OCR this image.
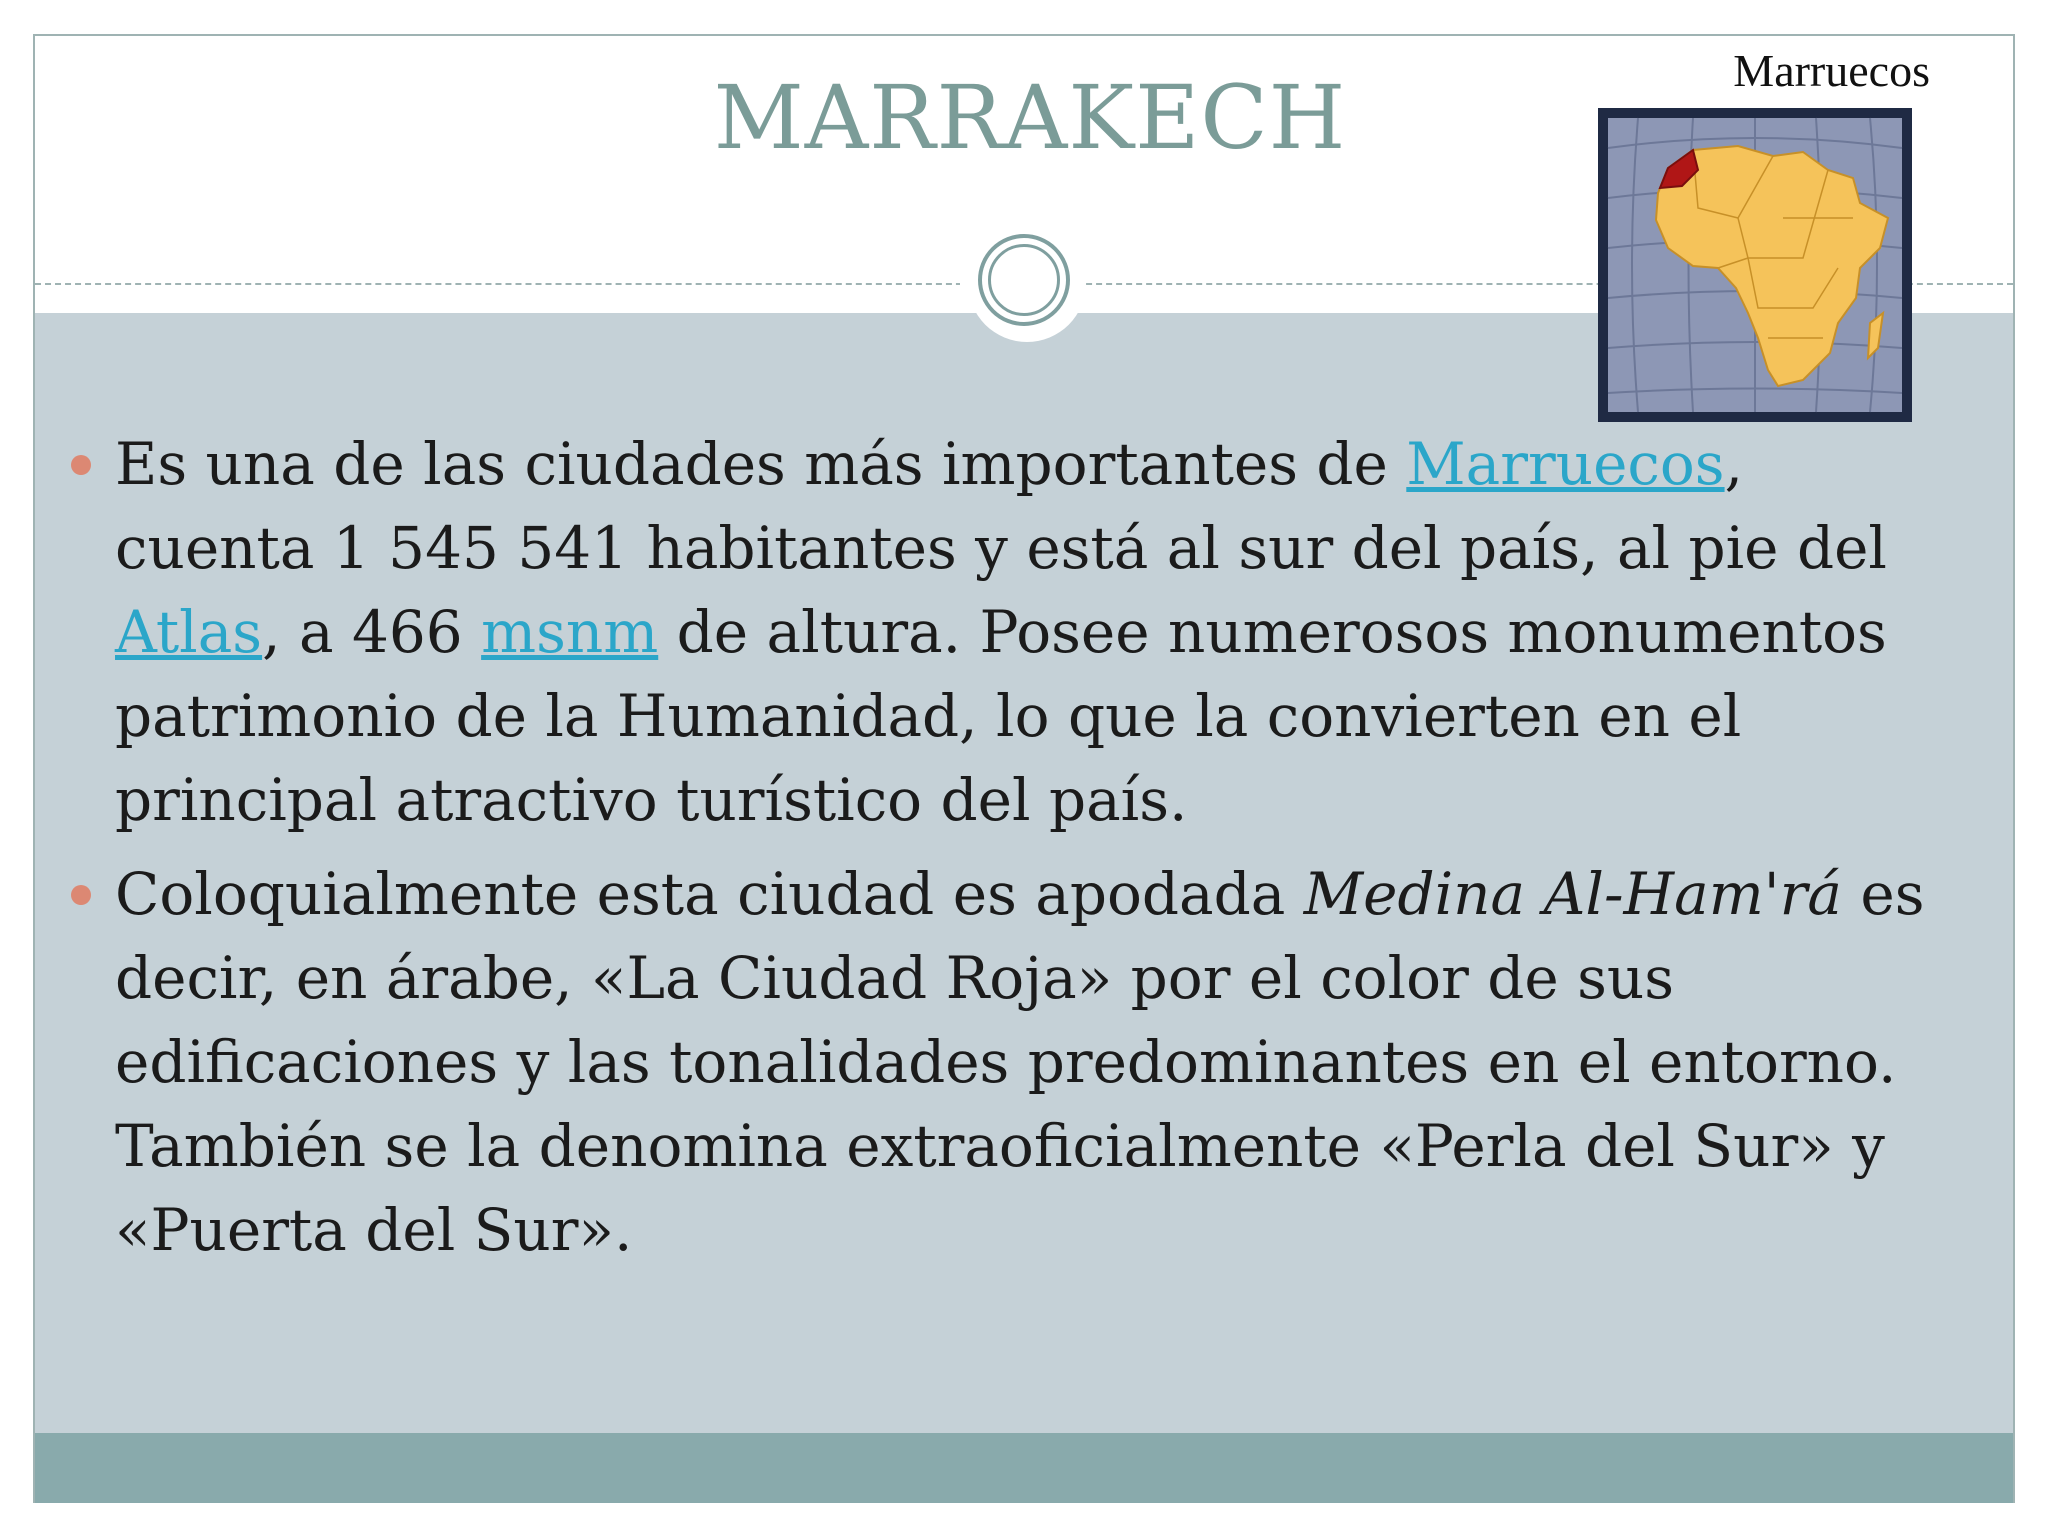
MARRAKECH	Marruecos

Es una de las ciudades más importantes de Marruecos, cuenta 1 545 541 habitantes y está al sur del país, al pie del Atlas, a 466 msnm de altura. Posee numerosos monumentos patrimonio de la Humanidad, lo que la convierten en el principal atractivo turístico del país.

Coloquialmente esta ciudad es apodada Medina Al-Ham'rá es decir, en árabe, «La Ciudad Roja» por el color de sus edificaciones y las tonalidades predominantes en el entorno. También se la denomina extraoficialmente «Perla del Sur» y «Puerta del Sur».
